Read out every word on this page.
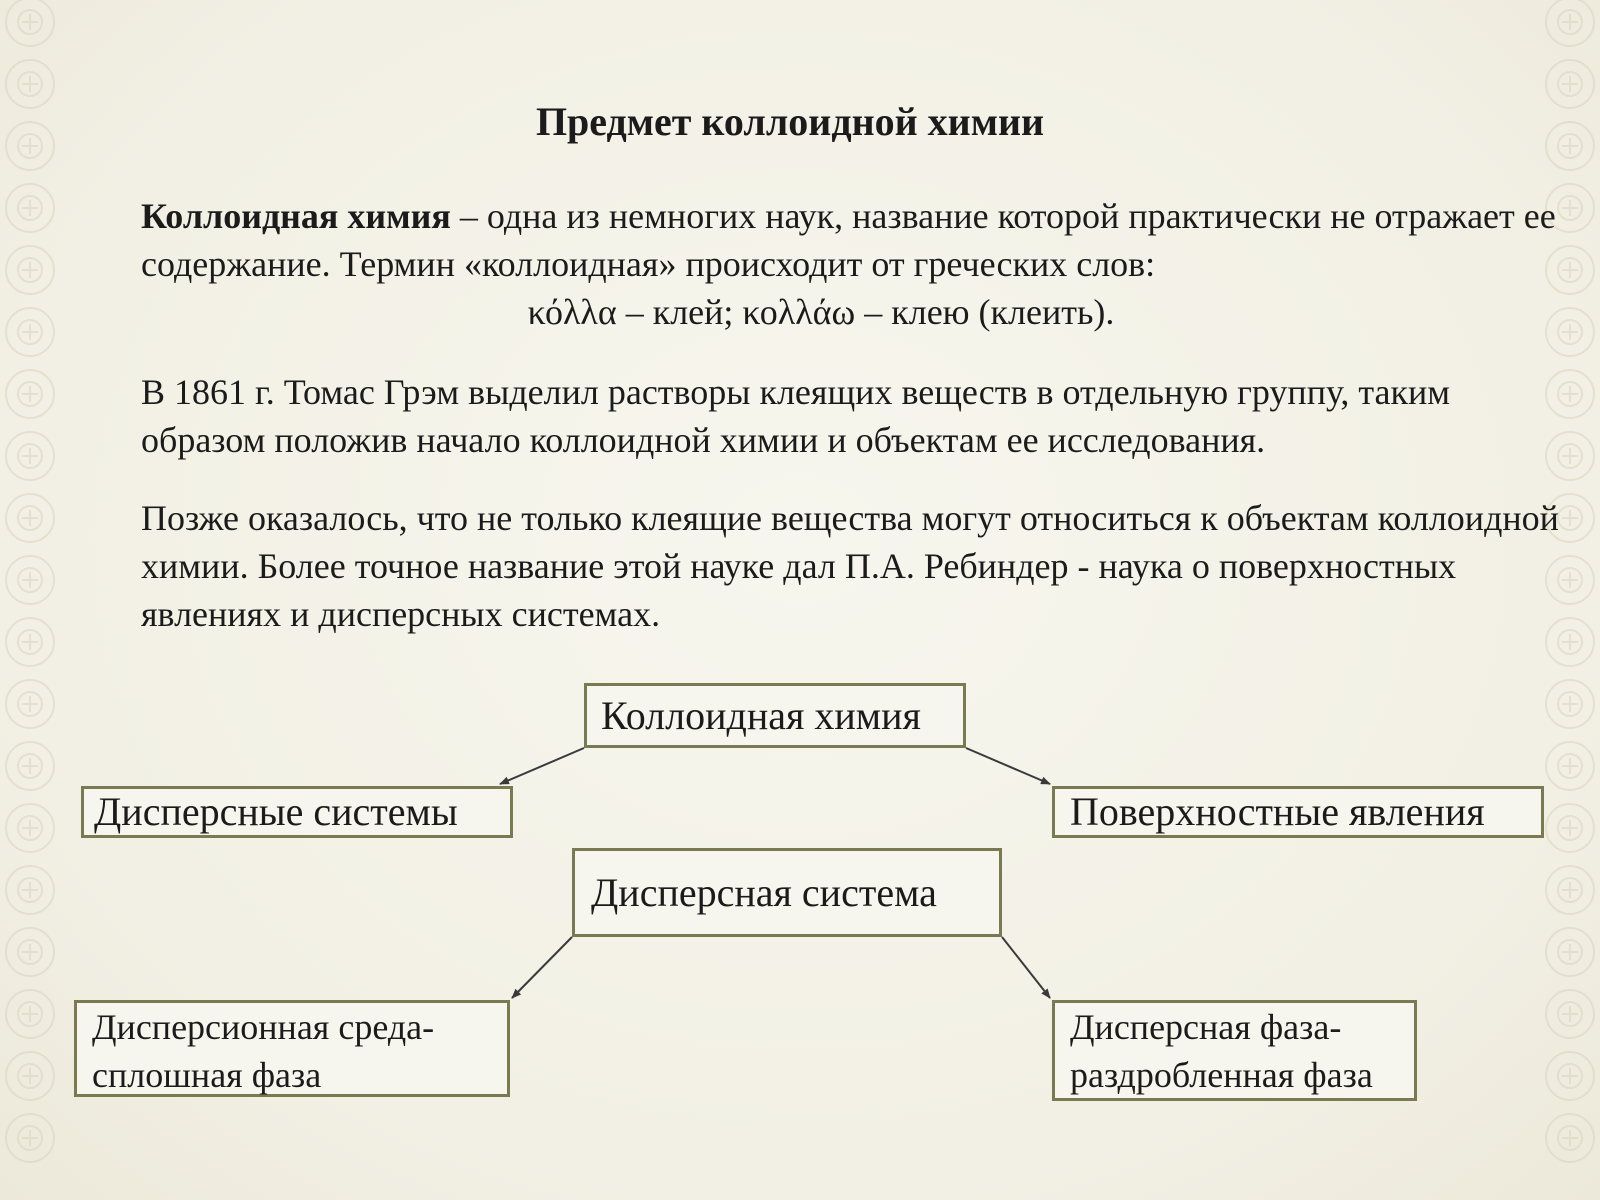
Предмет коллоидной химии

Коллоидная химия – одна из немногих наук, название которой практически не отражает ее содержание. Термин «коллоидная» происходит от греческих слов:
κόλλα – клей; κολλάω – клею (клеить).

В 1861 г. Томас Грэм выделил растворы клеящих веществ в отдельную группу, таким образом положив начало коллоидной химии и объектам ее исследования.

Позже оказалось, что не только клеящие вещества могут относиться к объектам коллоидной химии. Более точное название этой науке дал П.А. Ребиндер - наука о поверхностных явлениях и дисперсных системах.

Коллоидная химия
Дисперсные системы	Поверхностные явления
Дисперсная система
Дисперсионная среда- сплошная фаза
Дисперсная фаза- раздробленная фаза
